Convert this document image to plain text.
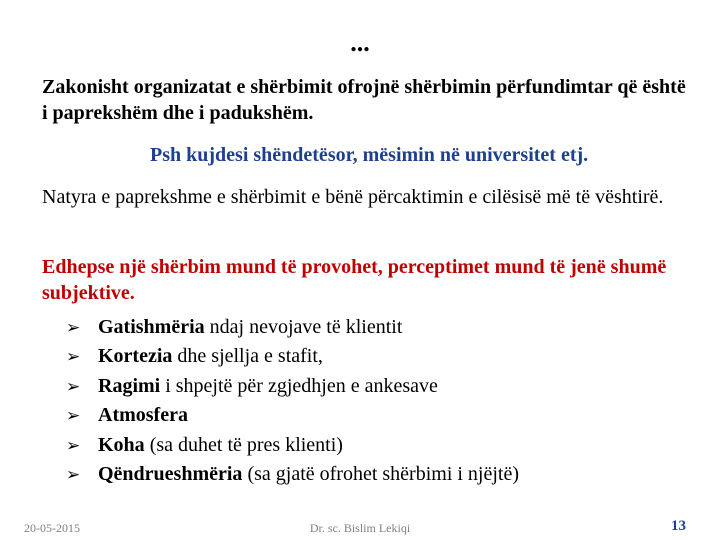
...
Zakonisht organizatat e shërbimit ofrojnë shërbimin përfundimtar që është i paprekshëm dhe i padukshëm.
Psh kujdesi shëndetësor, mësimin në universitet etj.
Natyra e paprekshme e shërbimit e bënë përcaktimin e cilësisë më të vështirë.
Edhepse një shërbim mund të provohet, perceptimet mund të jenë shumë subjektive.
➢ Gatishmëria ndaj nevojave të klientit
➢ Kortezia dhe sjellja e stafit,
➢ Ragimi i shpejtë për zgjedhjen e ankesave
➢ Atmosfera
➢ Koha (sa duhet të pres klienti)
➢ Qëndrueshmëria (sa gjatë ofrohet shërbimi i njëjtë)
20-05-2015	Dr. sc. Bislim Lekiqi	13
